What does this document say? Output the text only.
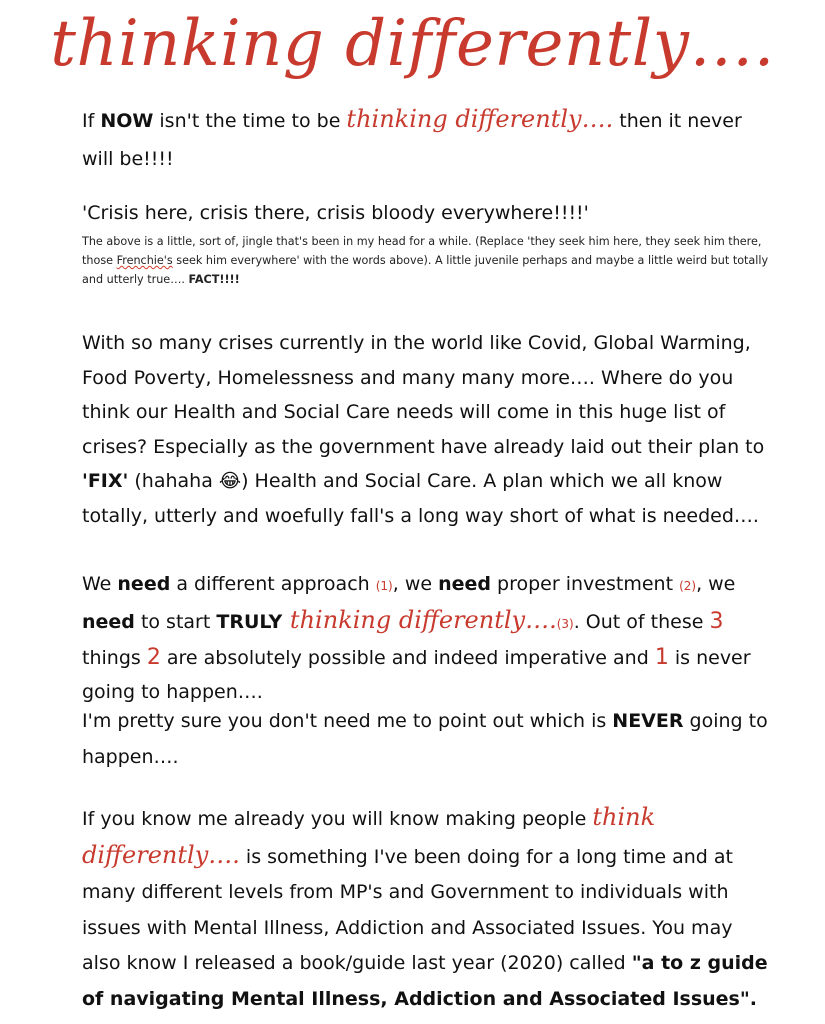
thinking differently….
If NOW isn't the time to be thinking differently…. then it never will be!!!!
'Crisis here, crisis there, crisis bloody everywhere!!!!'
The above is a little, sort of, jingle that's been in my head for a while. (Replace 'they seek him here, they seek him there, those Frenchie's seek him everywhere' with the words above). A little juvenile perhaps and maybe a little weird but totally and utterly true…. FACT!!!!
With so many crises currently in the world like Covid, Global Warming, Food Poverty, Homelessness and many many more…. Where do you think our Health and Social Care needs will come in this huge list of crises? Especially as the government have already laid out their plan to 'FIX' (hahaha 😂) Health and Social Care. A plan which we all know totally, utterly and woefully fall's a long way short of what is needed….
We need a different approach (1), we need proper investment (2), we need to start TRULY thinking differently….(3). Out of these 3 things 2 are absolutely possible and indeed imperative and 1 is never going to happen….
I'm pretty sure you don't need me to point out which is NEVER going to happen….
If you know me already you will know making people think differently…. is something I've been doing for a long time and at many different levels from MP's and Government to individuals with issues with Mental Illness, Addiction and Associated Issues. You may also know I released a book/guide last year (2020) called "a to z guide of navigating Mental Illness, Addiction and Associated Issues".
